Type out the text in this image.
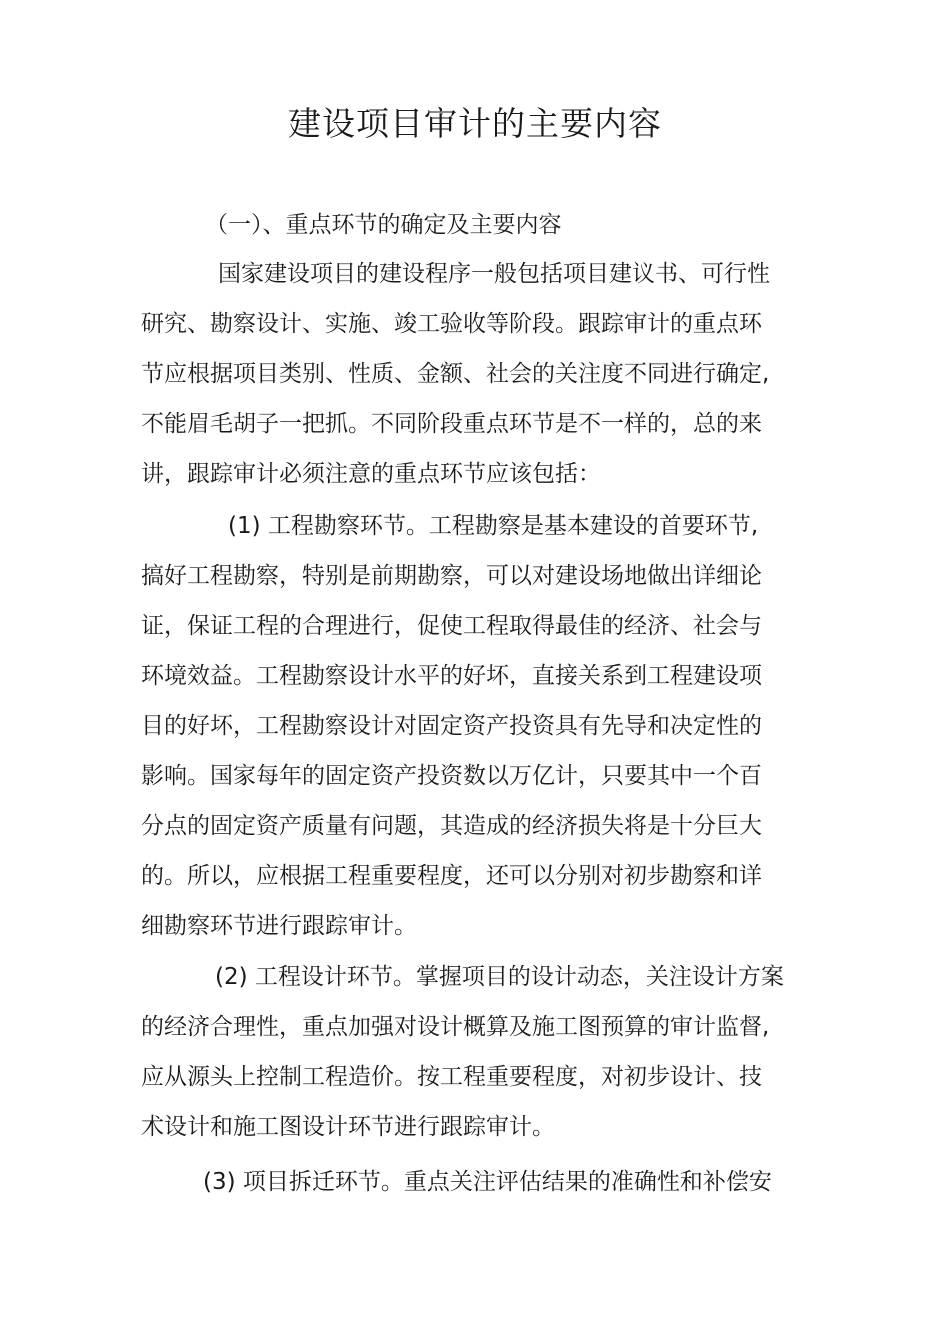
建设项目审计的主要内容
（一）、重点环节的确定及主要内容
国家建设项目的建设程序一般包括项目建议书、可行性
研究、勘察设计、实施、竣工验收等阶段。跟踪审计的重点环
节应根据项目类别、性质、金额、社会的关注度不同进行确定,
不能眉毛胡子一把抓。不同阶段重点环节是不一样的，总的来
讲，跟踪审计必须注意的重点环节应该包括：
(1) 工程勘察环节。工程勘察是基本建设的首要环节,
搞好工程勘察，特别是前期勘察，可以对建设场地做出详细论
证，保证工程的合理进行，促使工程取得最佳的经济、社会与
环境效益。工程勘察设计水平的好坏，直接关系到工程建设项
目的好坏，工程勘察设计对固定资产投资具有先导和决定性的
影响。国家每年的固定资产投资数以万亿计，只要其中一个百
分点的固定资产质量有问题，其造成的经济损失将是十分巨大
的。所以，应根据工程重要程度，还可以分别对初步勘察和详
细勘察环节进行跟踪审计。
(2) 工程设计环节。掌握项目的设计动态，关注设计方案
的经济合理性，重点加强对设计概算及施工图预算的审计监督,
应从源头上控制工程造价。按工程重要程度，对初步设计、技
术设计和施工图设计环节进行跟踪审计。
(3) 项目拆迁环节。重点关注评估结果的准确性和补偿安
